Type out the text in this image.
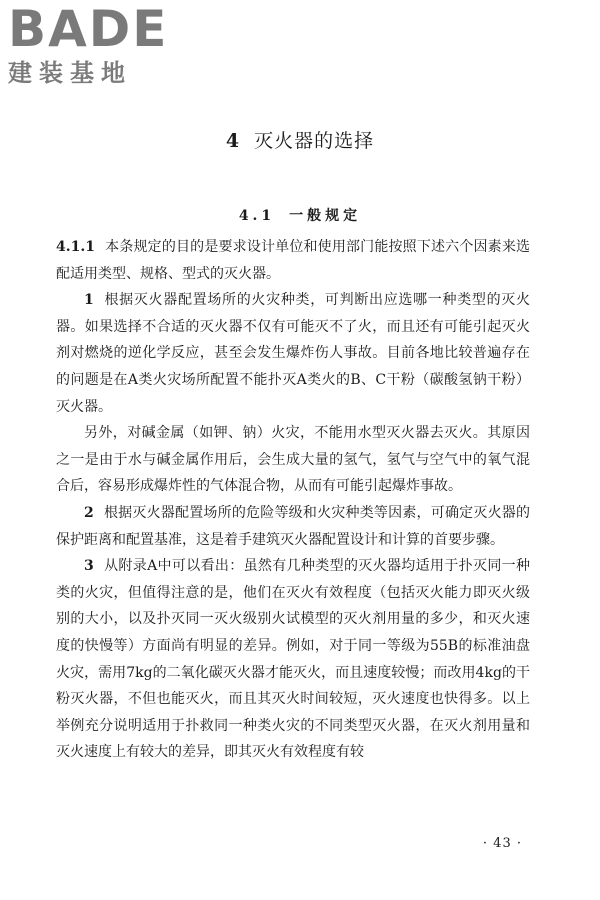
BADE
建装基地
4 灭火器的选择
4.1 一般规定

4.1.1 本条规定的目的是要求设计单位和使用部门能按照下述六个因素来选配适用类型、规格、型式的灭火器。

1 根据灭火器配置场所的火灾种类，可判断出应选哪一种类型的灭火器。如果选择不合适的灭火器不仅有可能灭不了火，而且还有可能引起灭火剂对燃烧的逆化学反应，甚至会发生爆炸伤人事故。目前各地比较普遍存在的问题是在A类火灾场所配置不能扑灭A类火的B、C干粉（碳酸氢钠干粉）灭火器。

另外，对碱金属（如钾、钠）火灾，不能用水型灭火器去灭火。其原因之一是由于水与碱金属作用后，会生成大量的氢气，氢气与空气中的氧气混合后，容易形成爆炸性的气体混合物，从而有可能引起爆炸事故。

2 根据灭火器配置场所的危险等级和火灾种类等因素，可确定灭火器的保护距离和配置基准，这是着手建筑灭火器配置设计和计算的首要步骤。

3 从附录A中可以看出：虽然有几种类型的灭火器均适用于扑灭同一种类的火灾，但值得注意的是，他们在灭火有效程度（包括灭火能力即灭火级别的大小，以及扑灭同一灭火级别火试模型的灭火剂用量的多少，和灭火速度的快慢等）方面尚有明显的差异。例如，对于同一等级为55B的标准油盘火灾，需用7kg的二氧化碳灭火器才能灭火，而且速度较慢；而改用4kg的干粉灭火器，不但也能灭火，而且其灭火时间较短，灭火速度也快得多。以上举例充分说明适用于扑救同一种类火灾的不同类型灭火器，在灭火剂用量和灭火速度上有较大的差异，即其灭火有效程度有较

· 43 ·
